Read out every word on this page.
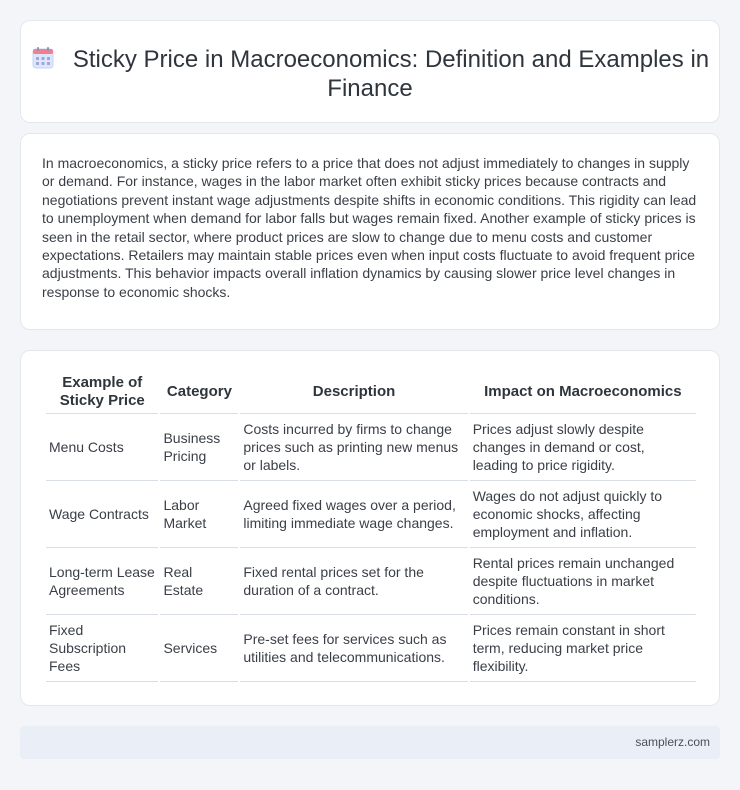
Sticky Price in Macroeconomics: Definition and Examples in Finance

In macroeconomics, a sticky price refers to a price that does not adjust immediately to changes in supply or demand. For instance, wages in the labor market often exhibit sticky prices because contracts and negotiations prevent instant wage adjustments despite shifts in economic conditions. This rigidity can lead to unemployment when demand for labor falls but wages remain fixed. Another example of sticky prices is seen in the retail sector, where product prices are slow to change due to menu costs and customer expectations. Retailers may maintain stable prices even when input costs fluctuate to avoid frequent price adjustments. This behavior impacts overall inflation dynamics by causing slower price level changes in response to economic shocks.

Example of Sticky Price	Category	Description	Impact on Macroeconomics
Menu Costs	Business Pricing	Costs incurred by firms to change prices such as printing new menus or labels.	Prices adjust slowly despite changes in demand or cost, leading to price rigidity.
Wage Contracts	Labor Market	Agreed fixed wages over a period, limiting immediate wage changes.	Wages do not adjust quickly to economic shocks, affecting employment and inflation.
Long-term Lease Agreements	Real Estate	Fixed rental prices set for the duration of a contract.	Rental prices remain unchanged despite fluctuations in market conditions.
Fixed Subscription Fees	Services	Pre-set fees for services such as utilities and telecommunications.	Prices remain constant in short term, reducing market price flexibility.
samplerz.com
